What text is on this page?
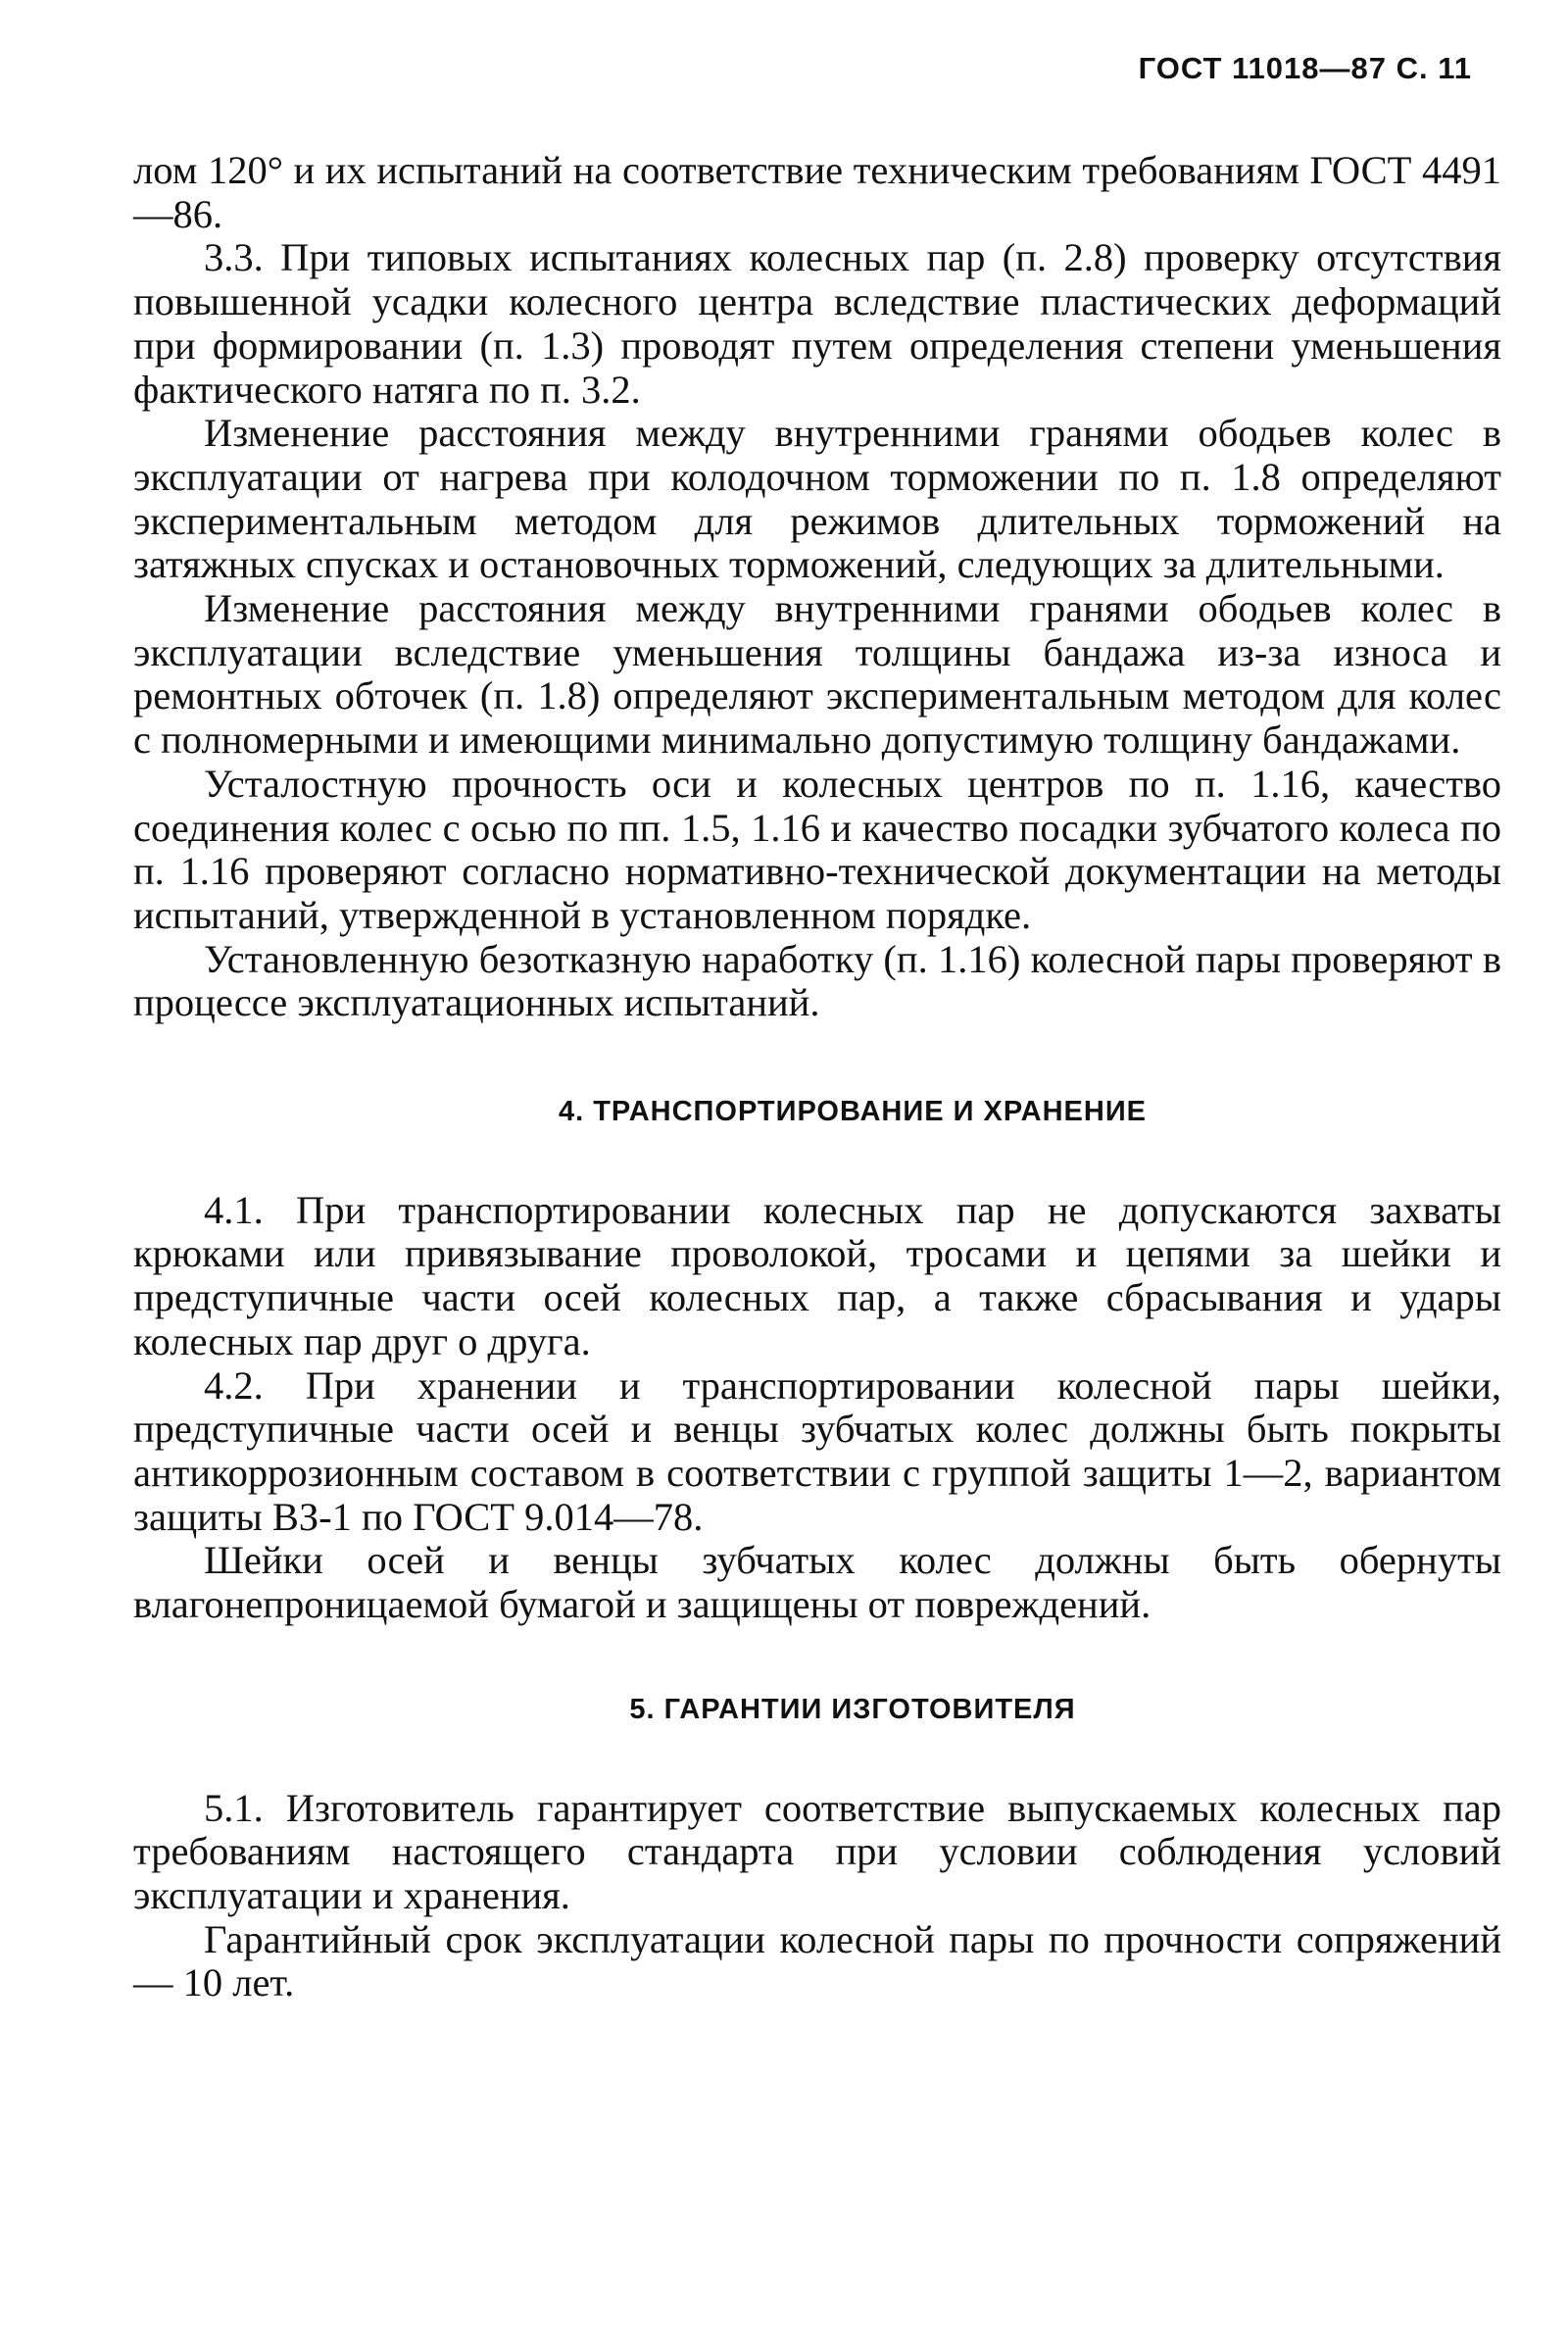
ГОСТ 11018—87 С. 11

лом 120° и их испытаний на соответствие техническим требованиям ГОСТ 4491—86.

3.3. При типовых испытаниях колесных пар (п. 2.8) проверку отсутствия повышенной усадки колесного центра вследствие пластических деформаций при формировании (п. 1.3) проводят путем определения степени уменьшения фактического натяга по п. 3.2.

Изменение расстояния между внутренними гранями ободьев колес в эксплуатации от нагрева при колодочном торможении по п. 1.8 определяют экспериментальным методом для режимов длительных торможений на затяжных спусках и остановочных торможений, следующих за длительными.

Изменение расстояния между внутренними гранями ободьев колес в эксплуатации вследствие уменьшения толщины бандажа из-за износа и ремонтных обточек (п. 1.8) определяют экспериментальным методом для колес с полномерными и имеющими минимально допустимую толщину бандажами.

Усталостную прочность оси и колесных центров по п. 1.16, качество соединения колес с осью по пп. 1.5, 1.16 и качество посадки зубчатого колеса по п. 1.16 проверяют согласно нормативно-технической документации на методы испытаний, утвержденной в установленном порядке.

Установленную безотказную наработку (п. 1.16) колесной пары проверяют в процессе эксплуатационных испытаний.

4. ТРАНСПОРТИРОВАНИЕ И ХРАНЕНИЕ

4.1. При транспортировании колесных пар не допускаются захваты крюками или привязывание проволокой, тросами и цепями за шейки и предступичные части осей колесных пар, а также сбрасывания и удары колесных пар друг о друга.

4.2. При хранении и транспортировании колесной пары шейки, предступичные части осей и венцы зубчатых колес должны быть покрыты антикоррозионным составом в соответствии с группой защиты 1—2, вариантом защиты ВЗ-1 по ГОСТ 9.014—78.

Шейки осей и венцы зубчатых колес должны быть обернуты влагонепроницаемой бумагой и защищены от повреждений.

5. ГАРАНТИИ ИЗГОТОВИТЕЛЯ

5.1. Изготовитель гарантирует соответствие выпускаемых колесных пар требованиям настоящего стандарта при условии соблюдения условий эксплуатации и хранения.

Гарантийный срок эксплуатации колесной пары по прочности сопряжений — 10 лет.
